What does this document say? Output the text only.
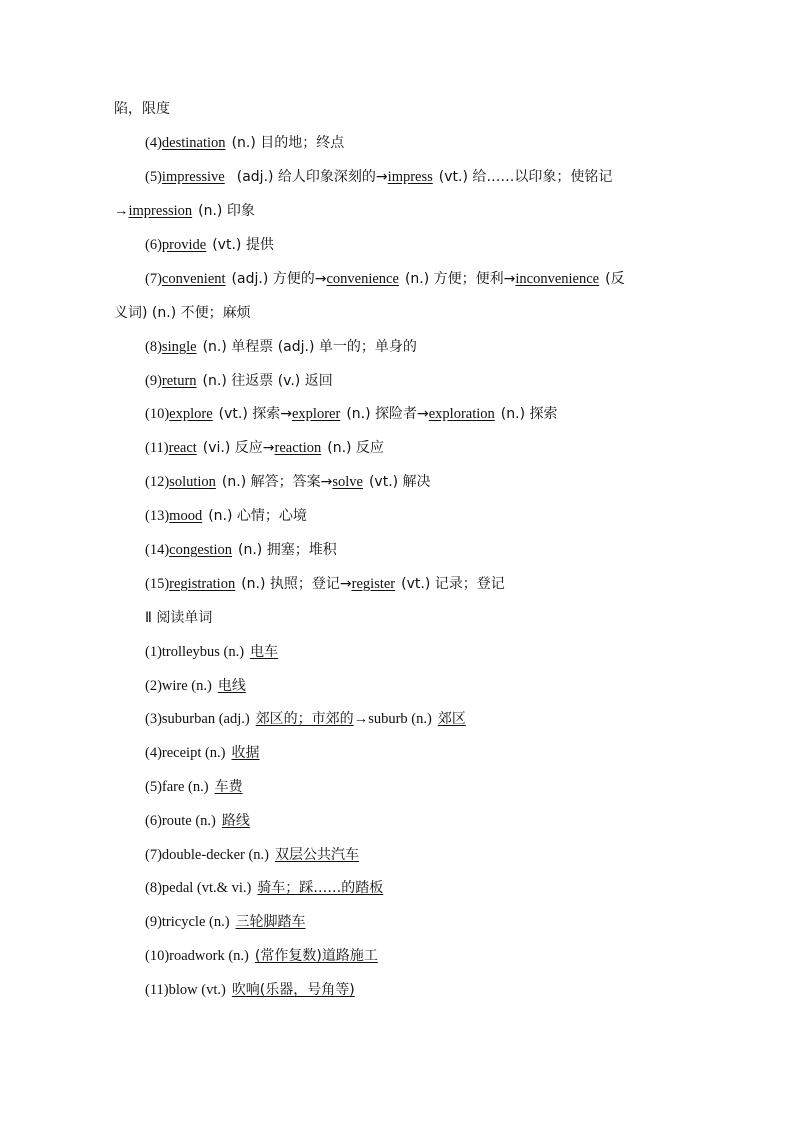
陷，限度
(4)destination (n.) 目的地；终点
(5)impressive (adj.) 给人印象深刻的→impress (vt.) 给……以印象；使铭记
→impression (n.) 印象
(6)provide (vt.) 提供
(7)convenient (adj.) 方便的→convenience (n.) 方便；便利→inconvenience (反
义词) (n.) 不便；麻烦
(8)single (n.) 单程票 (adj.) 单一的；单身的
(9)return (n.) 往返票 (v.) 返回
(10)explore (vt.) 探索→explorer (n.) 探险者→exploration (n.) 探索
(11)react (vi.) 反应→reaction (n.) 反应
(12)solution (n.) 解答；答案→solve (vt.) 解决
(13)mood (n.) 心情；心境
(14)congestion (n.) 拥塞；堆积
(15)registration (n.) 执照；登记→register (vt.) 记录；登记
Ⅱ 阅读单词
(1)trolleybus (n.) 电车
(2)wire (n.) 电线
(3)suburban (adj.) 郊区的；市郊的→suburb (n.) 郊区
(4)receipt (n.) 收据
(5)fare (n.) 车费
(6)route (n.) 路线
(7)double-decker (n.) 双层公共汽车
(8)pedal (vt.& vi.) 骑车；踩……的踏板
(9)tricycle (n.) 三轮脚踏车
(10)roadwork (n.) (常作复数)道路施工
(11)blow (vt.) 吹响(乐器，号角等)
